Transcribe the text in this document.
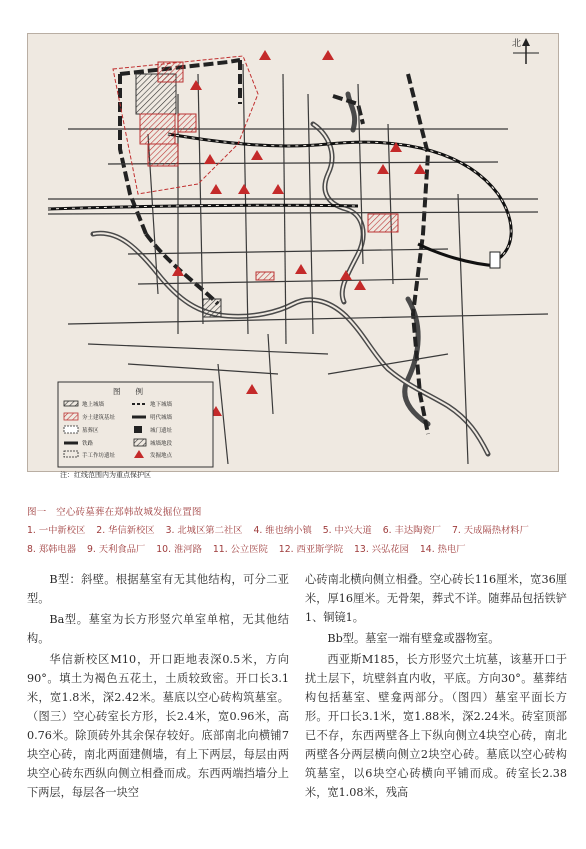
北
图　　例
地上城墙	地下城墙
夯土建筑基址	明代城墙
墓葬区	城门遗址
铁路	城墙地段
手工作坊遗址	发掘地点
注：红线范围内为重点保护区
图一　空心砖墓葬在郑韩故城发掘位置图
1. 一中新校区 2. 华信新校区 3. 北城区第二社区 4. 维也纳小镇 5. 中兴大道 6. 丰达陶瓷厂 7. 天成隔热材料厂 8. 郑韩电器 9. 天利食品厂 10. 淮河路 11. 公立医院 12. 西亚斯学院 13. 兴弘花园 14. 热电厂

B型：斜壁。根据墓室有无其他结构，可分二亚型。

Ba型。墓室为长方形竖穴单室单棺，无其他结构。

华信新校区M10，开口距地表深0.5米，方向90°。填土为褐色五花土，土质较致密。开口长3.1米，宽1.8米，深2.42米。墓底以空心砖构筑墓室。（图三）空心砖室长方形，长2.4米，宽0.96米，高0.76米。除顶砖外其余保存较好。底部南北向横铺7块空心砖，南北两面建侧墙，有上下两层，每层由两块空心砖东西纵向侧立相叠而成。东西两端挡墙分上下两层，每层各一块空

心砖南北横向侧立相叠。空心砖长116厘米，宽36厘米，厚16厘米。无骨架，葬式不详。随葬品包括铁铲1、铜镜1。

Bb型。墓室一端有壁龛或器物室。

西亚斯M185，长方形竖穴土坑墓，该墓开口于扰土层下，坑壁斜直内收，平底。方向30°。墓葬结构包括墓室、壁龛两部分。（图四）墓室平面长方形。开口长3.1米，宽1.88米，深2.24米。砖室顶部已不存，东西两壁各上下纵向侧立4块空心砖，南北两壁各分两层横向侧立2块空心砖。墓底以空心砖构筑墓室，以6块空心砖横向平铺而成。砖室长2.38米，宽1.08米，残高
